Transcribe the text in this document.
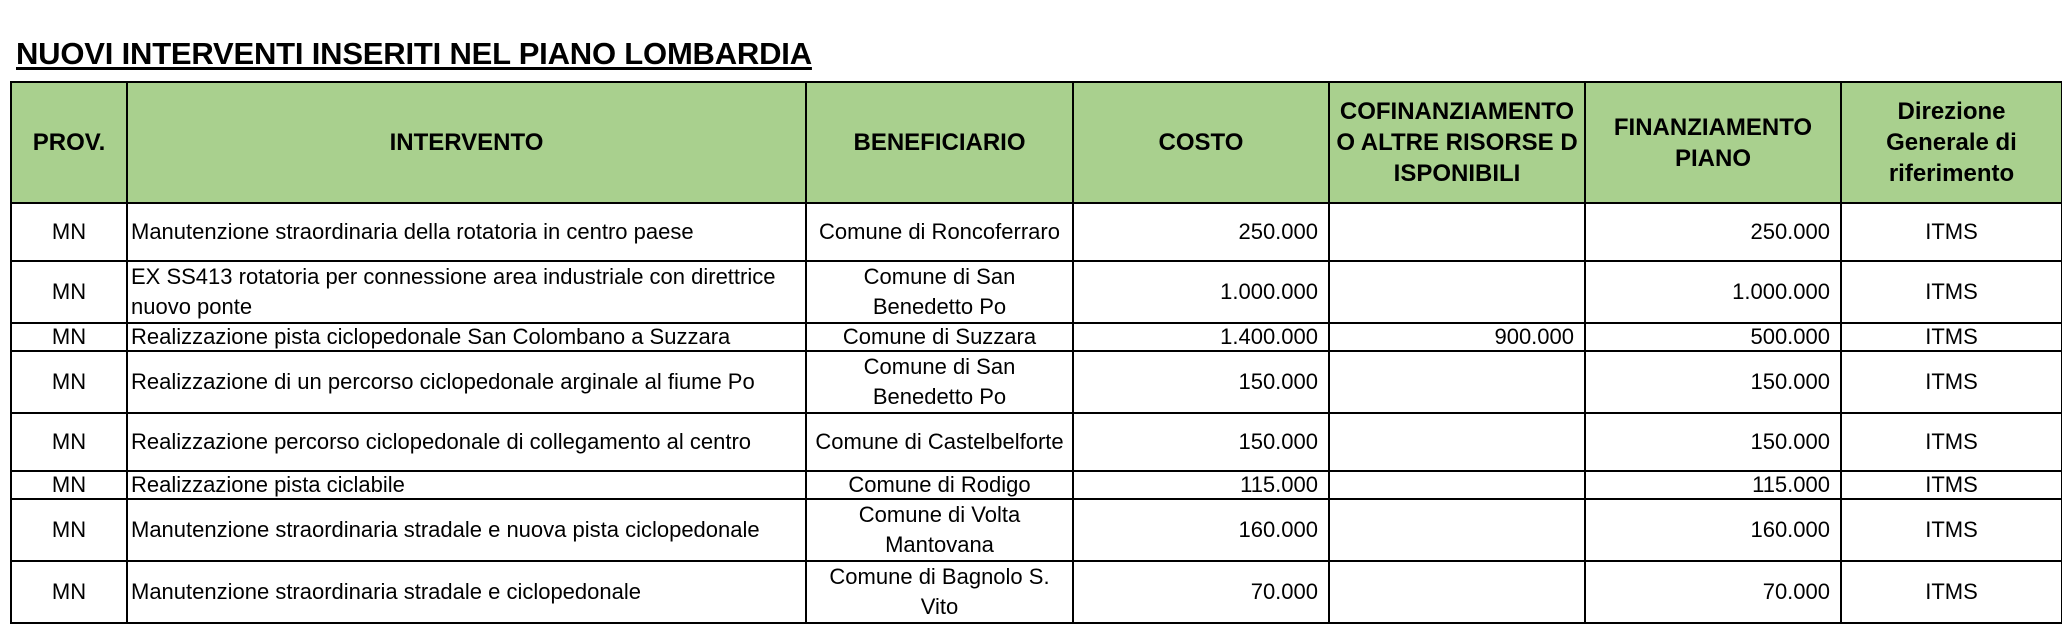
NUOVI INTERVENTI INSERITI NEL PIANO LOMBARDIA
PROV.	INTERVENTO	BENEFICIARIO	COSTO	COFINANZIAMENTO O ALTRE RISORSE DISPONIBILI	FINANZIAMENTO PIANO	Direzione Generale di riferimento
MN	Manutenzione straordinaria della rotatoria in centro paese	Comune di Roncoferraro	250.000		250.000	ITMS
MN	EX SS413 rotatoria per connessione area industriale con direttrice nuovo ponte	Comune di San Benedetto Po	1.000.000		1.000.000	ITMS
MN	Realizzazione pista ciclopedonale San Colombano a Suzzara	Comune di Suzzara	1.400.000	900.000	500.000	ITMS
MN	Realizzazione di un percorso ciclopedonale arginale al fiume Po	Comune di San Benedetto Po	150.000		150.000	ITMS
MN	Realizzazione percorso ciclopedonale di collegamento al centro	Comune di Castelbelforte	150.000		150.000	ITMS
MN	Realizzazione pista ciclabile	Comune di Rodigo	115.000		115.000	ITMS
MN	Manutenzione straordinaria stradale e nuova pista ciclopedonale	Comune di Volta Mantovana	160.000		160.000	ITMS
MN	Manutenzione straordinaria stradale e ciclopedonale	Comune di Bagnolo S. Vito	70.000		70.000	ITMS
